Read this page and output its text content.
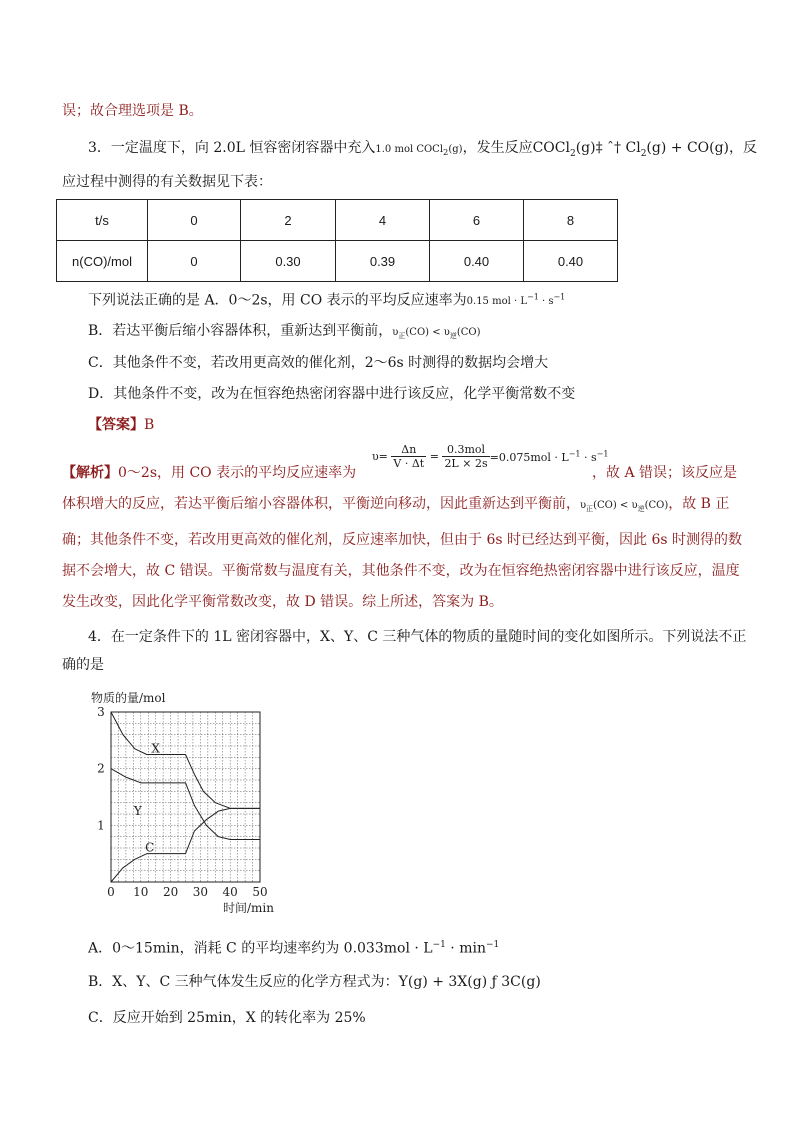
误；故合理选项是 B。
3．一定温度下，向 2.0L 恒容密闭容器中充入1.0 mol COCl$_2$(g)，发生反应COCl$_2$(g)‡ ˆ† $Cl_2(g) + CO(g)$，反
应过程中测得的有关数据见下表：
t/s	0	2	4	6	8
n(CO)/mol	0	0.30	0.39	0.40	0.40
下列说法正确的是 A．0～2s，用 CO 表示的平均反应速率为0.15 mol · $L^{-1} \cdot s^{-1}$
B．若达平衡后缩小容器体积，重新达到平衡前，$\upsilon_正(CO) < \upsilon_逆(CO)$
C．其他条件不变，若改用更高效的催化剂，2～6s 时测得的数据均会增大
D．其他条件不变，改为在恒容绝热密闭容器中进行该反应，化学平衡常数不变
【答案】B
【解析】0～2s，用 CO 表示的平均反应速率为
$\upsilon= \frac{\Delta n}{V \cdot \Delta t} = \frac{\text{0.3mol}}{2L \times 2s} =0.075mol \cdot L^{-1} \cdot s^{-1}$
，故 A 错误；该反应是
体积增大的反应，若达平衡后缩小容器体积，平衡逆向移动，因此重新达到平衡前，$\upsilon_正(CO) < \upsilon_逆(CO)$，故 B 正
确；其他条件不变，若改用更高效的催化剂，反应速率加快，但由于 6s 时已经达到平衡，因此 6s 时测得的数
据不会增大，故 C 错误。平衡常数与温度有关，其他条件不变，改为在恒容绝热密闭容器中进行该反应，温度
发生改变，因此化学平衡常数改变，故 D 错误。综上所述，答案为 B。
4．在一定条件下的 1L 密闭容器中，X、Y、C 三种气体的物质的量随时间的变化如图所示。下列说法不正
确的是
物质的量/mol
0 10 20 30 40 50
1
2
3
X
Y
C
时间/min
A．0～15min，消耗 C 的平均速率约为 $0.033mol \cdot L^{-1} \cdot \min^{-1}$
B．X、Y、C 三种气体发生反应的化学方程式为：Y(g) + 3X(g) ƒ 3C(g)
C．反应开始到 25min，X 的转化率为 25%
